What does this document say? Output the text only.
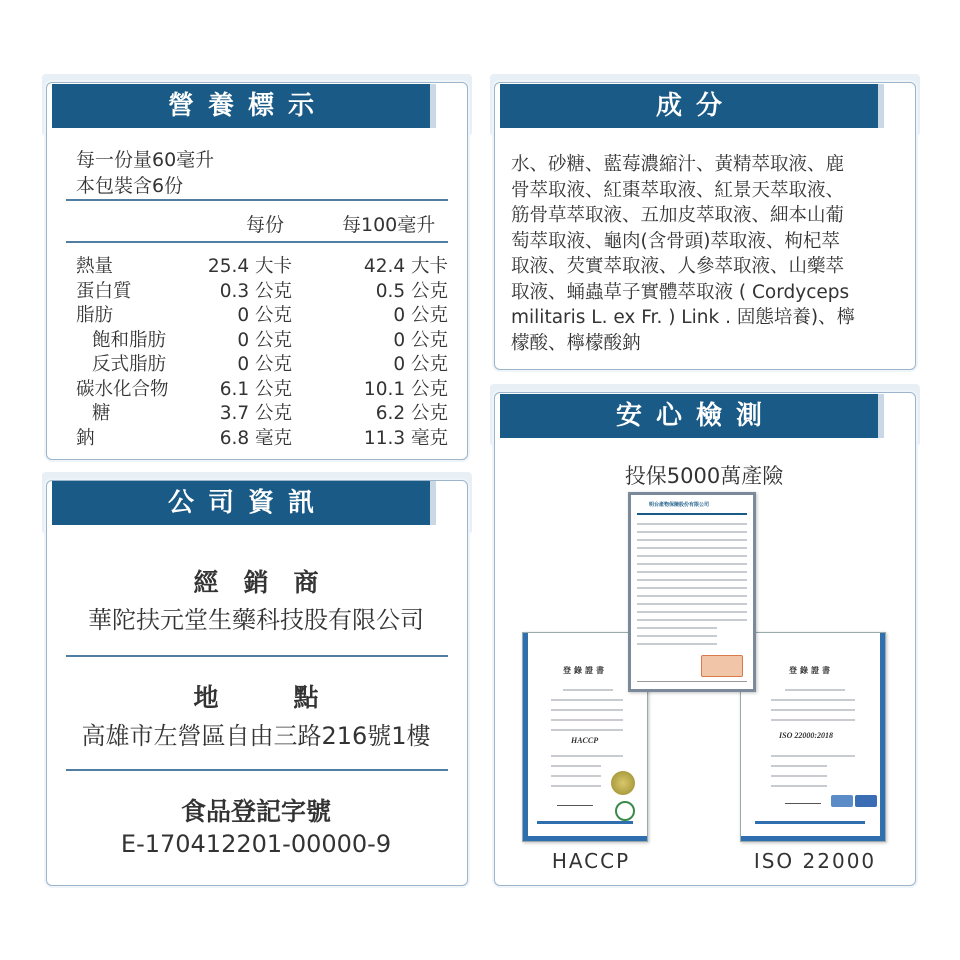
營養標示
每一份量60毫升
本包裝含6份
每份	每100毫升
熱量	25.4 大卡	42.4 大卡
蛋白質	0.3 公克	0.5 公克
脂肪	0 公克	0 公克
飽和脂肪	0 公克	0 公克
反式脂肪	0 公克	0 公克
碳水化合物	6.1 公克	10.1 公克
糖	3.7 公克	6.2 公克
鈉	6.8 毫克	11.3 毫克
公司資訊
經　銷　商
華陀扶元堂生藥科技股有限公司
地　　　點
高雄市左營區自由三路216號1樓
食品登記字號
E-170412201-00000-9
成分
水、砂糖、藍莓濃縮汁、黃精萃取液、鹿
骨萃取液、紅棗萃取液、紅景天萃取液、
筋骨草萃取液、五加皮萃取液、細本山葡
萄萃取液、龜肉(含骨頭)萃取液、枸杞萃
取液、芡實萃取液、人參萃取液、山藥萃
取液、蛹蟲草子實體萃取液 ( Cordyceps
militaris L. ex Fr. ) Link . 固態培養)、檸
檬酸、檸檬酸鈉
安心檢測
投保5000萬產險
登錄證書
HACCP
登錄證書
ISO 22000:2018
明台產物保險股份有限公司
HACCP	ISO 22000
